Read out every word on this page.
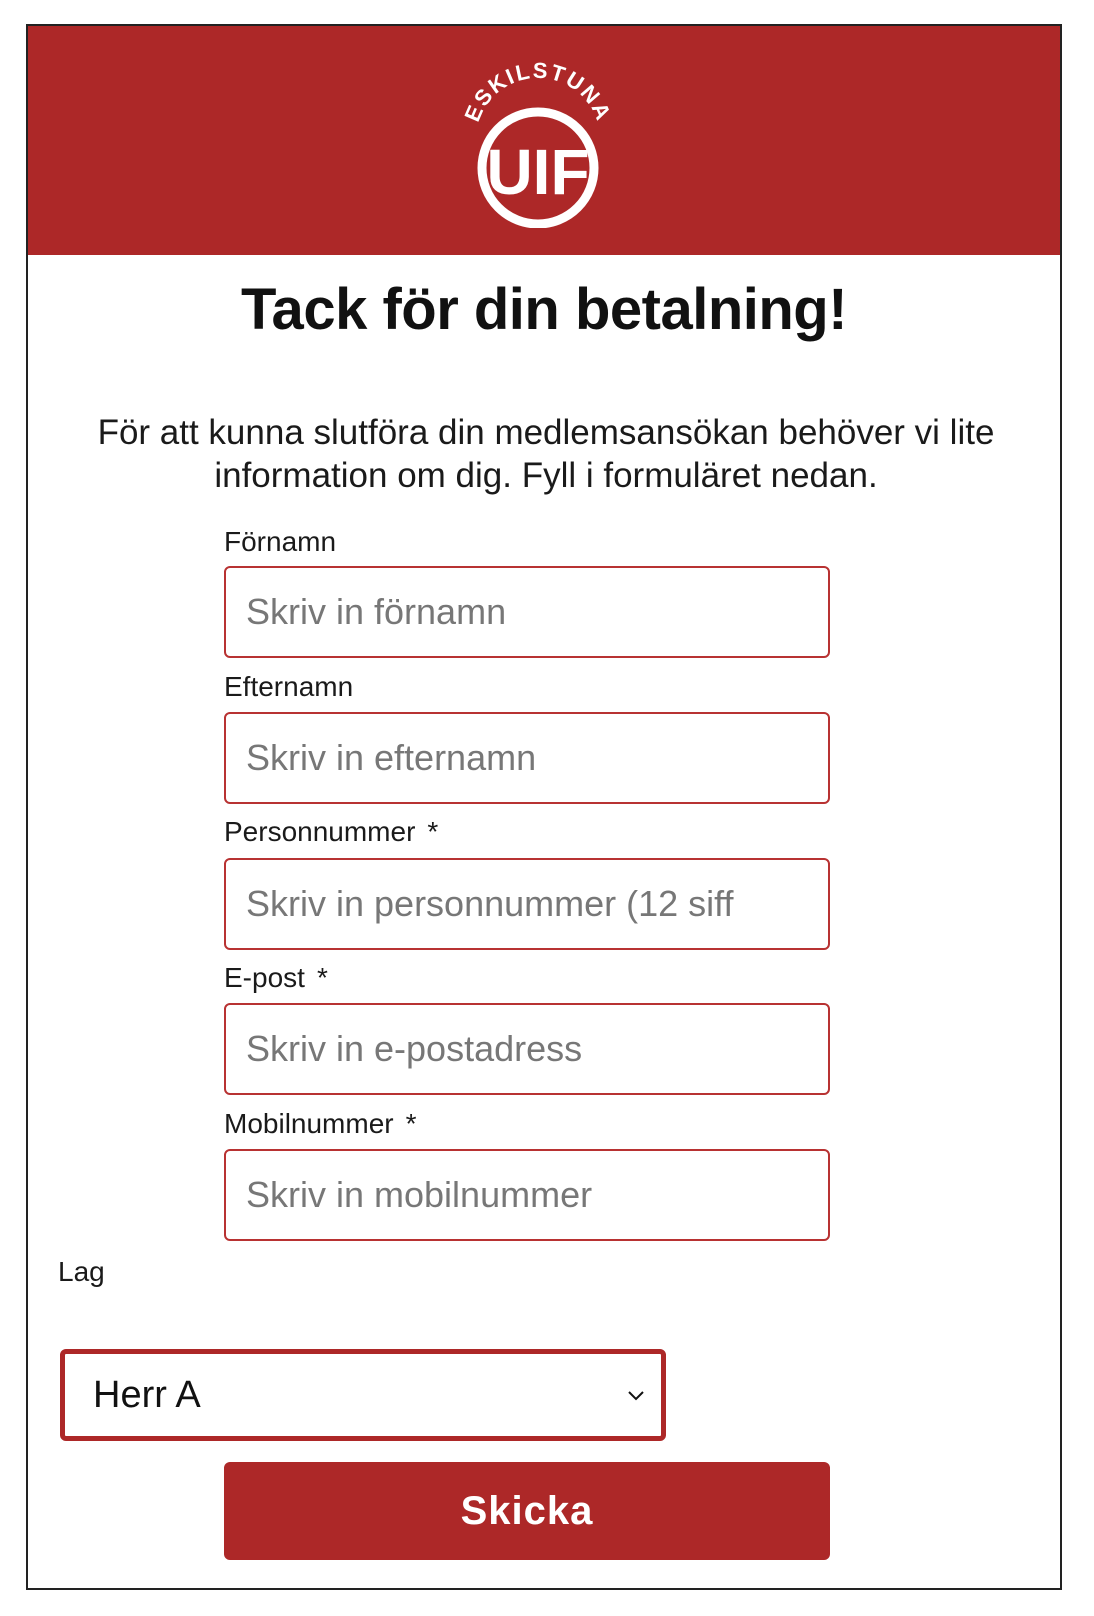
ESKILSTUNA
UIF
Tack för din betalning!
För att kunna slutföra din medlemsansökan behöver vi lite information om dig. Fyll i formuläret nedan.
Förnamn
Skriv in förnamn
Efternamn
Skriv in efternamn
Personnummer *
Skriv in personnummer (12 siff
E-post *
Skriv in e-postadress
Mobilnummer *
Skriv in mobilnummer
Lag
Herr A
Skicka
